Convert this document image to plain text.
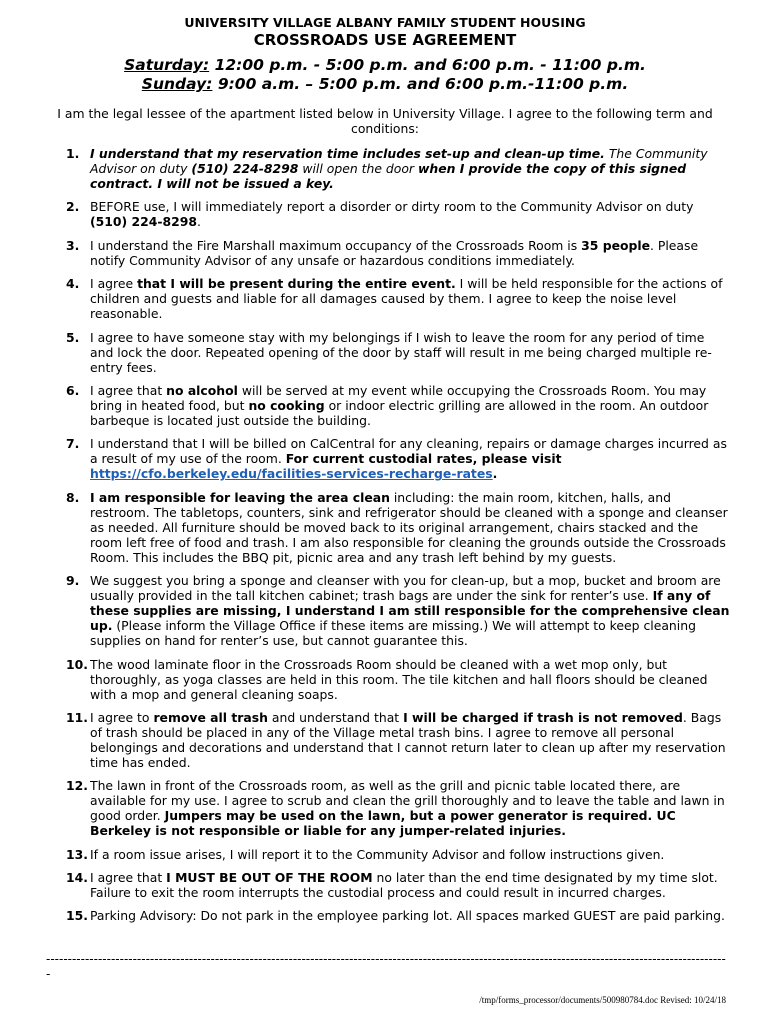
UNIVERSITY VILLAGE ALBANY FAMILY STUDENT HOUSING
CROSSROADS USE AGREEMENT
Saturday: 12:00 p.m. - 5:00 p.m. and 6:00 p.m. - 11:00 p.m.
Sunday: 9:00 a.m. – 5:00 p.m. and 6:00 p.m.-11:00 p.m.
I am the legal lessee of the apartment listed below in University Village. I agree to the following term and conditions:
1. I understand that my reservation time includes set-up and clean-up time. The Community Advisor on duty (510) 224-8298 will open the door when I provide the copy of this signed contract. I will not be issued a key.
2. BEFORE use, I will immediately report a disorder or dirty room to the Community Advisor on duty (510) 224-8298.
3. I understand the Fire Marshall maximum occupancy of the Crossroads Room is 35 people. Please notify Community Advisor of any unsafe or hazardous conditions immediately.
4. I agree that I will be present during the entire event. I will be held responsible for the actions of children and guests and liable for all damages caused by them. I agree to keep the noise level reasonable.
5. I agree to have someone stay with my belongings if I wish to leave the room for any period of time and lock the door. Repeated opening of the door by staff will result in me being charged multiple re-entry fees.
6. I agree that no alcohol will be served at my event while occupying the Crossroads Room. You may bring in heated food, but no cooking or indoor electric grilling are allowed in the room. An outdoor barbeque is located just outside the building.
7. I understand that I will be billed on CalCentral for any cleaning, repairs or damage charges incurred as a result of my use of the room. For current custodial rates, please visit https://cfo.berkeley.edu/facilities-services-recharge-rates.
8. I am responsible for leaving the area clean including: the main room, kitchen, halls, and restroom. The tabletops, counters, sink and refrigerator should be cleaned with a sponge and cleanser as needed. All furniture should be moved back to its original arrangement, chairs stacked and the room left free of food and trash. I am also responsible for cleaning the grounds outside the Crossroads Room. This includes the BBQ pit, picnic area and any trash left behind by my guests.
9. We suggest you bring a sponge and cleanser with you for clean-up, but a mop, bucket and broom are usually provided in the tall kitchen cabinet; trash bags are under the sink for renter’s use. If any of these supplies are missing, I understand I am still responsible for the comprehensive clean up. (Please inform the Village Office if these items are missing.) We will attempt to keep cleaning supplies on hand for renter’s use, but cannot guarantee this.
10. The wood laminate floor in the Crossroads Room should be cleaned with a wet mop only, but thoroughly, as yoga classes are held in this room. The tile kitchen and hall floors should be cleaned with a mop and general cleaning soaps.
11. I agree to remove all trash and understand that I will be charged if trash is not removed. Bags of trash should be placed in any of the Village metal trash bins. I agree to remove all personal belongings and decorations and understand that I cannot return later to clean up after my reservation time has ended.
12. The lawn in front of the Crossroads room, as well as the grill and picnic table located there, are available for my use. I agree to scrub and clean the grill thoroughly and to leave the table and lawn in good order. Jumpers may be used on the lawn, but a power generator is required. UC Berkeley is not responsible or liable for any jumper-related injuries.
13. If a room issue arises, I will report it to the Community Advisor and follow instructions given.
14. I agree that I MUST BE OUT OF THE ROOM no later than the end time designated by my time slot. Failure to exit the room interrupts the custodial process and could result in incurred charges.
15. Parking Advisory: Do not park in the employee parking lot. All spaces marked GUEST are paid parking.
--------------------------------------------------------------------------------------------------------------------------------------------------------------
/tmp/forms_processor/documents/500980784.doc Revised: 10/24/18
